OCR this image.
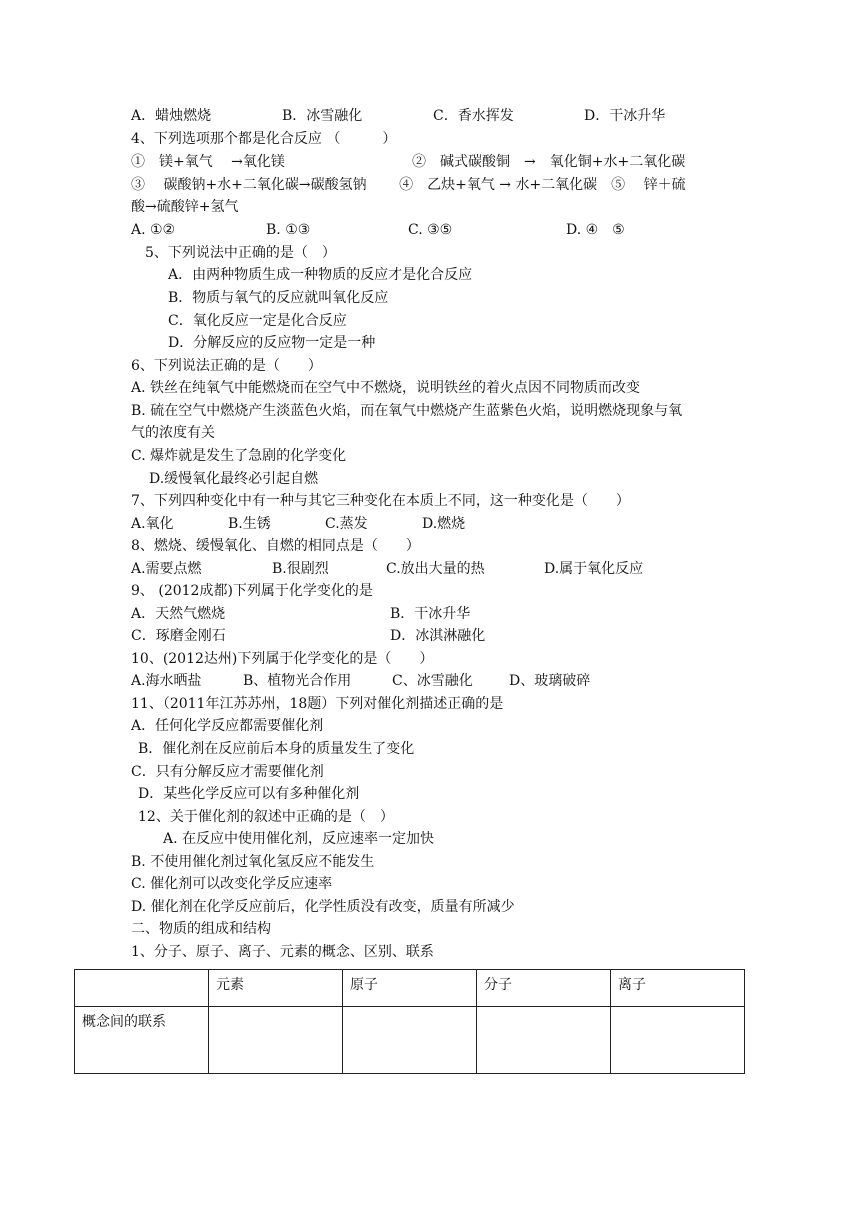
A．蜡烛燃烧	B．冰雪融化	C．香水挥发	D．干冰升华
4、下列选项那个都是化合反应 （　　　）
①　镁+氧气　 →氧化镁	②　碱式碳酸铜　→　氧化铜+水+二氧化碳
③　 碳酸钠+水+二氧化碳→碳酸氢钠　　 ④　乙炔+氧气 → 水+二氧化碳　⑤　 锌＋硫
酸→硫酸锌+氢气
A. ①②	B. ①③	C. ③⑤	D. ④　⑤
5、下列说法中正确的是（　）
A．由两种物质生成一种物质的反应才是化合反应
B．物质与氧气的反应就叫氧化反应
C．氧化反应一定是化合反应
D．分解反应的反应物一定是一种
6、下列说法正确的是（　　）
A. 铁丝在纯氧气中能燃烧而在空气中不燃烧，说明铁丝的着火点因不同物质而改变
B. 硫在空气中燃烧产生淡蓝色火焰，而在氧气中燃烧产生蓝紫色火焰，说明燃烧现象与氧
气的浓度有关
C. 爆炸就是发生了急剧的化学变化
D.缓慢氧化最终必引起自燃
7、下列四种变化中有一种与其它三种变化在本质上不同，这一种变化是（　　）
A.氧化	B.生锈	C.蒸发	D.燃烧
8、燃烧、缓慢氧化、自燃的相同点是（　　）
A.需要点燃	B.很剧烈	C.放出大量的热	D.属于氧化反应
9、 (2012成都)下列属于化学变化的是
A．天然气燃烧	B．干冰升华
C．琢磨金刚石	D．冰淇淋融化
10、(2012达州)下列属于化学变化的是（　　）
A.海水晒盐	B、植物光合作用	C、冰雪融化	D、玻璃破碎
11、（2011年江苏苏州，18题）下列对催化剂描述正确的是
A．任何化学反应都需要催化剂
B．催化剂在反应前后本身的质量发生了变化
C．只有分解反应才需要催化剂
D．某些化学反应可以有多种催化剂
12、关于催化剂的叙述中正确的是（　）
A. 在反应中使用催化剂，反应速率一定加快
B. 不使用催化剂过氧化氢反应不能发生
C. 催化剂可以改变化学反应速率
D. 催化剂在化学反应前后，化学性质没有改变，质量有所减少
二、物质的组成和结构
1、分子、原子、离子、元素的概念、区别、联系
	元素	原子	分子	离子
概念间的联系				
